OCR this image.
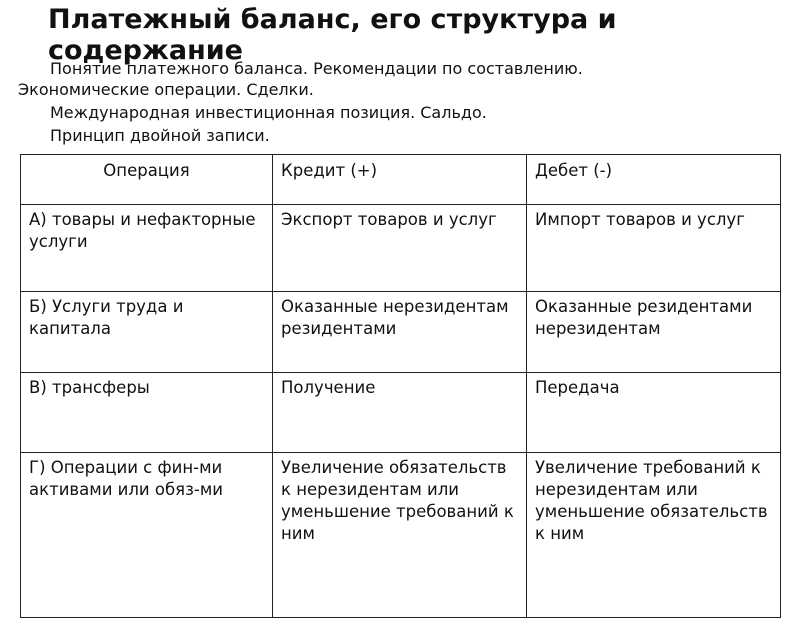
Платежный баланс, его структура и содержание
Понятие платежного баланса. Рекомендации по составлению.
Экономические операции. Сделки.
Международная инвестиционная позиция. Сальдо.
Принцип двойной записи.
Операция	Кредит (+)	Дебет (-)
А) товары и нефакторные услуги	Экспорт товаров и услуг	Импорт товаров и услуг
Б) Услуги труда и капитала	Оказанные нерезидентам резидентами	Оказанные резидентами нерезидентам
В) трансферы	Получение	Передача
Г) Операции с фин-ми активами или обяз-ми	Увеличение обязательств к нерезидентам или уменьшение требований к ним	Увеличение требований к нерезидентам или уменьшение обязательств к ним
